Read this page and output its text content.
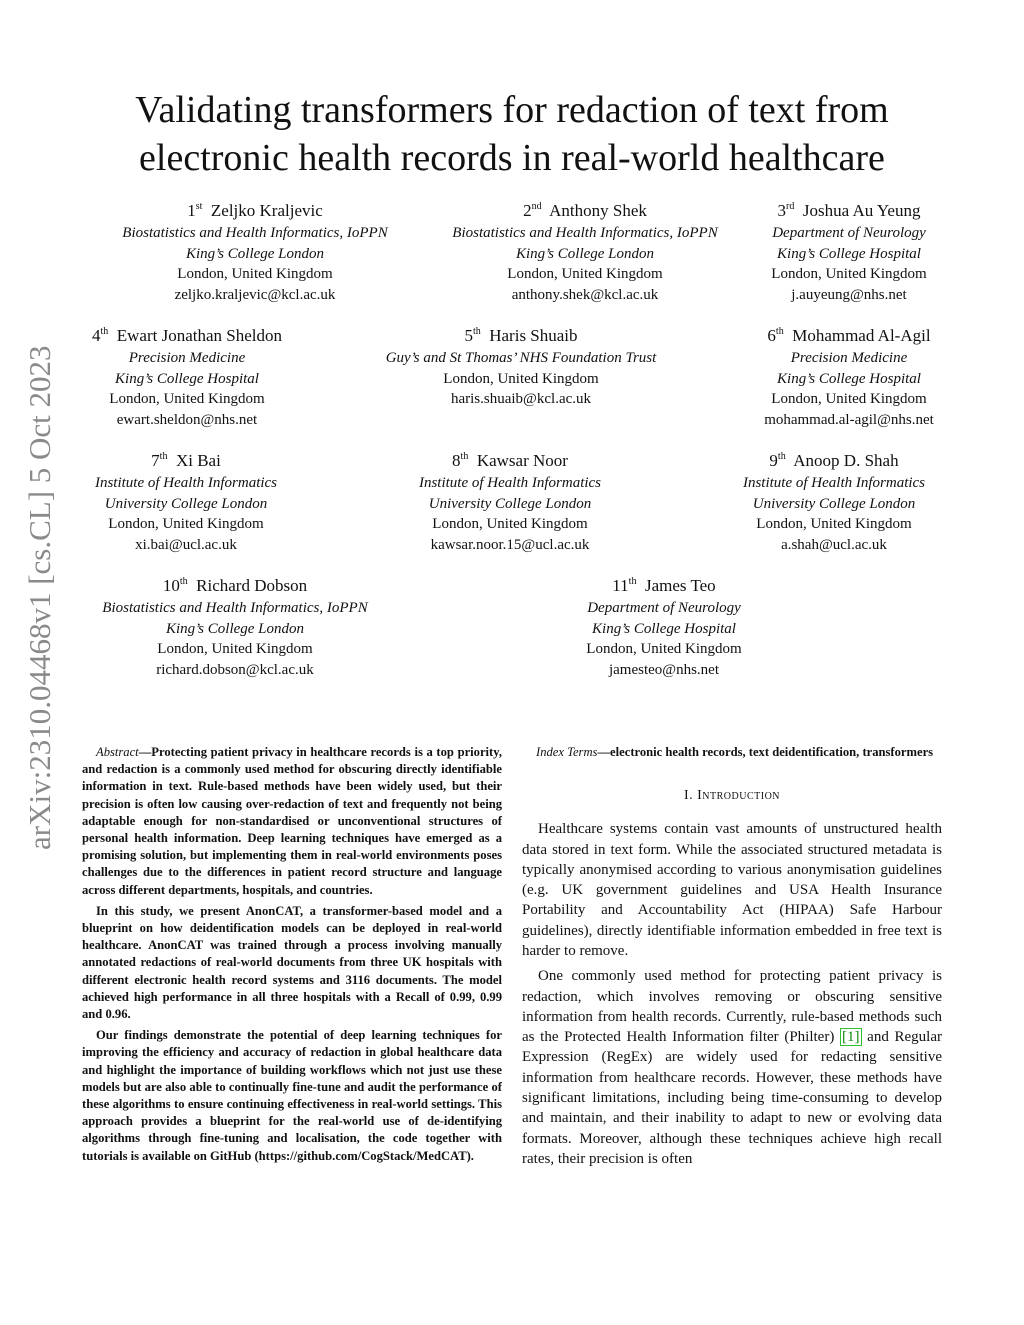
arXiv:2310.04468v1 [cs.CL] 5 Oct 2023
Validating transformers for redaction of text from
electronic health records in real-world healthcare
1st Zeljko Kraljevic
Biostatistics and Health Informatics, IoPPN
King’s College London
London, United Kingdom
zeljko.kraljevic@kcl.ac.uk
2nd Anthony Shek
Biostatistics and Health Informatics, IoPPN
King’s College London
London, United Kingdom
anthony.shek@kcl.ac.uk
3rd Joshua Au Yeung
Department of Neurology
King’s College Hospital
London, United Kingdom
j.auyeung@nhs.net
4th Ewart Jonathan Sheldon
Precision Medicine
King’s College Hospital
London, United Kingdom
ewart.sheldon@nhs.net
5th Haris Shuaib
Guy’s and St Thomas’ NHS Foundation Trust
London, United Kingdom
haris.shuaib@kcl.ac.uk
6th Mohammad Al-Agil
Precision Medicine
King’s College Hospital
London, United Kingdom
mohammad.al-agil@nhs.net
7th Xi Bai
Institute of Health Informatics
University College London
London, United Kingdom
xi.bai@ucl.ac.uk
8th Kawsar Noor
Institute of Health Informatics
University College London
London, United Kingdom
kawsar.noor.15@ucl.ac.uk
9th Anoop D. Shah
Institute of Health Informatics
University College London
London, United Kingdom
a.shah@ucl.ac.uk
10th Richard Dobson
Biostatistics and Health Informatics, IoPPN
King’s College London
London, United Kingdom
richard.dobson@kcl.ac.uk
11th James Teo
Department of Neurology
King’s College Hospital
London, United Kingdom
jamesteo@nhs.net

Abstract—Protecting patient privacy in healthcare records is a top priority, and redaction is a commonly used method for obscuring directly identifiable information in text. Rule-based methods have been widely used, but their precision is often low causing over-redaction of text and frequently not being adaptable enough for non-standardised or unconventional structures of personal health information. Deep learning techniques have emerged as a promising solution, but implementing them in real-world environments poses challenges due to the differences in patient record structure and language across different departments, hospitals, and countries.

In this study, we present AnonCAT, a transformer-based model and a blueprint on how deidentification models can be deployed in real-world healthcare. AnonCAT was trained through a process involving manually annotated redactions of real-world documents from three UK hospitals with different electronic health record systems and 3116 documents. The model achieved high performance in all three hospitals with a Recall of 0.99, 0.99 and 0.96.

Our findings demonstrate the potential of deep learning techniques for improving the efficiency and accuracy of redaction in global healthcare data and highlight the importance of building workflows which not just use these models but are also able to continually fine-tune and audit the performance of these algorithms to ensure continuing effectiveness in real-world settings. This approach provides a blueprint for the real-world use of de-identifying algorithms through fine-tuning and localisation, the code together with tutorials is available on GitHub (https://github.com/CogStack/MedCAT).

Index Terms—electronic health records, text deidentification, transformers

I. Introduction

Healthcare systems contain vast amounts of unstructured health data stored in text form. While the associated structured metadata is typically anonymised according to various anonymisation guidelines (e.g. UK government guidelines and USA Health Insurance Portability and Accountability Act (HIPAA) Safe Harbour guidelines), directly identifiable information embedded in free text is harder to remove.

One commonly used method for protecting patient privacy is redaction, which involves removing or obscuring sensitive information from health records. Currently, rule-based methods such as the Protected Health Information filter (Philter) [1] and Regular Expression (RegEx) are widely used for redacting sensitive information from healthcare records. However, these methods have significant limitations, including being time-consuming to develop and maintain, and their inability to adapt to new or evolving data formats. Moreover, although these techniques achieve high recall rates, their precision is often
